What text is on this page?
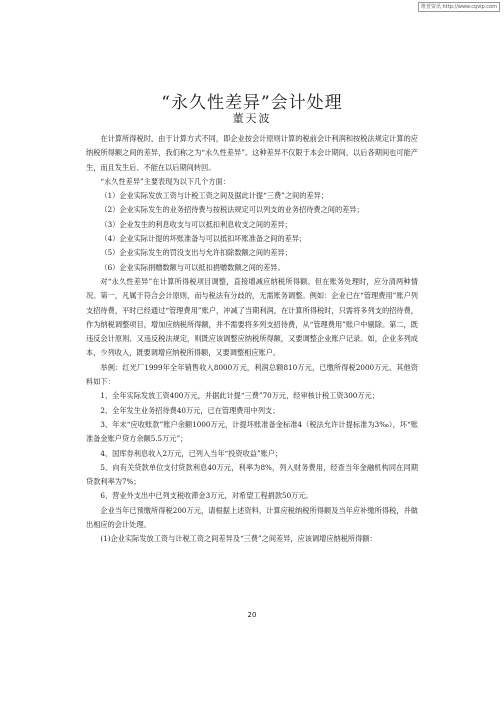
维普资讯 http://www.cqvip.com
“永久性差异”会计处理
董天波

在计算所得税时，由于计算方式不同，即企业按会计原则计算的税前会计利润和按税法规定计算的应纳税所得额之间的差异，我们称之为“永久性差异”。这种差异不仅限于本会计期间，以后各期间也可能产生，而且发生后、不能在以后期间转回。

“永久性差异”主要表现为以下几个方面：

（1）企业实际发放工资与计税工资之间及据此计提“三费”之间的差异；

（2）企业实际发生的业务招待费与按税法规定可以列支的业务招待费之间的差异；

（3）企业发生的利息收支与可以抵扣利息收支之间的差异；

（4）企业实际计提的坏账准备与可以抵扣坏账准备之间的差异；

（5）企业实际发生的罚没支出与允许扣除数额之间的差异；

（6）企业实际捐赠数额与可以抵扣捐赠数额之间的差异。

对“永久性差异”在计算所得税项目调整，直接增减应纳税所得额。但在账务处理时，应分清两种情况。第一，凡属于符合会计原则，而与税法有分歧的，无需账务调整。例如：企业已在“管理费用”账户列支招待费，平时已经通过“管理费用”账户，冲减了当期利润，在计算所得税时，只需将多列支的招待费，作为纳税调整项目，增加应纳税所得额，并不需要将多列支招待费，从“管理费用”账户中剔除。第二，既违反会计原则、又违反税法规定，则既应该调整应纳税所得额，又要调整企业账户记录。如，企业多列成本，少列收入，既要调增应纳税所得额，又要调整相应账户。

举例：红光厂1999年全年销售收入8000万元，利润总额810万元，已缴所得税2000万元。其他资料如下：

1、全年实际发放工资400万元，并据此计提“三费”70万元，经审核计税工资300万元；

2、全年发生业务招待费40万元，已在管理费用中列支；

3、年末“应收账款”账户余额1000万元，计提坏账准备金标准4（税法允许计提标准为3‰），坏“账准备金账户贷方余额5.5万元”；

4、国库券利息收入2万元，已列入当年“投资收益”账户；

5、向有关贷款单位支付贷款利息40万元，利率为8%，列入财务费用，经查当年金融机构同在同期贷款利率为7%；

6、营业外支出中已列支税收滞金3万元，对希望工程捐款50万元。

企业当年已预缴所得税200万元，请根据上述资料，计算应税纳税所得额及当年应补缴所得税，并做出相应的会计处理。

(1)企业实际发放工资与计税工资之间差异及“三费”之间差异，应该调增应纳税所得额：

20
